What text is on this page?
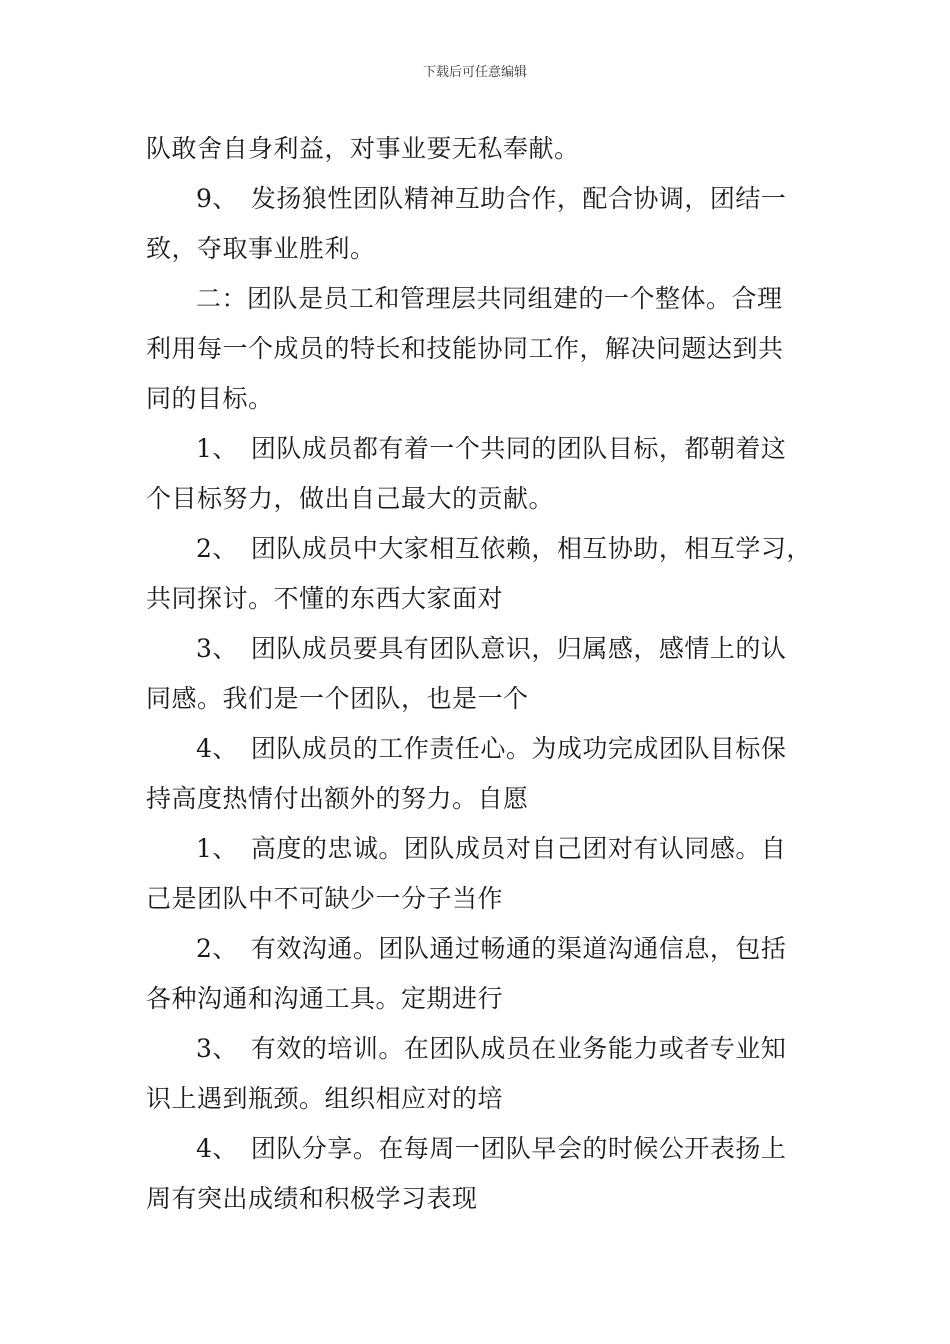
下载后可任意编辑

队敢舍自身利益，对事业要无私奉献。

9、　发扬狼性团队精神互助合作，配合协调，团结一

致，夺取事业胜利。

二：团队是员工和管理层共同组建的一个整体。合理

利用每一个成员的特长和技能协同工作，解决问题达到共

同的目标。

1、　团队成员都有着一个共同的团队目标，都朝着这

个目标努力，做出自己最大的贡献。

2、　团队成员中大家相互依赖，相互协助，相互学习，

共同探讨。不懂的东西大家面对

3、　团队成员要具有团队意识，归属感，感情上的认

同感。我们是一个团队，也是一个

4、　团队成员的工作责任心。为成功完成团队目标保

持高度热情付出额外的努力。自愿

1、　高度的忠诚。团队成员对自己团对有认同感。自

己是团队中不可缺少一分子当作

2、　有效沟通。团队通过畅通的渠道沟通信息，包括

各种沟通和沟通工具。定期进行

3、　有效的培训。在团队成员在业务能力或者专业知

识上遇到瓶颈。组织相应对的培

4、　团队分享。在每周一团队早会的时候公开表扬上

周有突出成绩和积极学习表现
